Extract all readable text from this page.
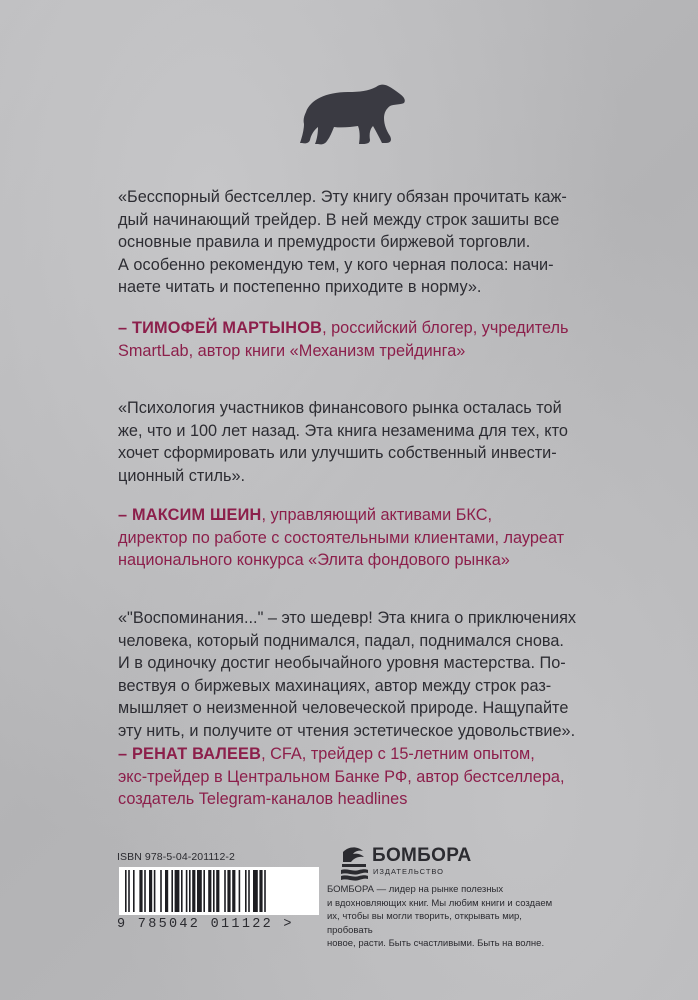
«Бесспорный бестселлер. Эту книгу обязан прочитать каж-
дый начинающий трейдер. В ней между строк зашиты все
основные правила и премудрости биржевой торговли.
А особенно рекомендую тем, у кого черная полоса: начи-
наете читать и постепенно приходите в норму».

– ТИМОФЕЙ МАРТЫНОВ, российский блогер, учредитель
SmartLab, автор книги «Механизм трейдинга»

«Психология участников финансового рынка осталась той
же, что и 100 лет назад. Эта книга незаменима для тех, кто
хочет сформировать или улучшить собственный инвести-
ционный стиль».

– МАКСИМ ШЕИН, управляющий активами БКС,
директор по работе с состоятельными клиентами, лауреат
национального конкурса «Элита фондового рынка»

«"Воспоминания..." – это шедевр! Эта книга о приключениях
человека, который поднимался, падал, поднимался снова.
И в одиночку достиг необычайного уровня мастерства. По-
вествуя о биржевых махинациях, автор между строк раз-
мышляет о неизменной человеческой природе. Нащупайте
эту нить, и получите от чтения эстетическое удовольствие».

– РЕНАТ ВАЛЕЕВ, CFA, трейдер с 15-летним опытом,
экс-трейдер в Центральном Банке РФ, автор бестселлера,
создатель Telegram-каналов headlines

ISBN 978-5-04-201112-2
9 785042 011122 >
БОМБОРА
ИЗДАТЕЛЬСТВО

БОМБОРА — лидер на рынке полезных
и вдохновляющих книг. Мы любим книги и создаем
их, чтобы вы могли творить, открывать мир, пробовать
новое, расти. Быть счастливыми. Быть на волне.
